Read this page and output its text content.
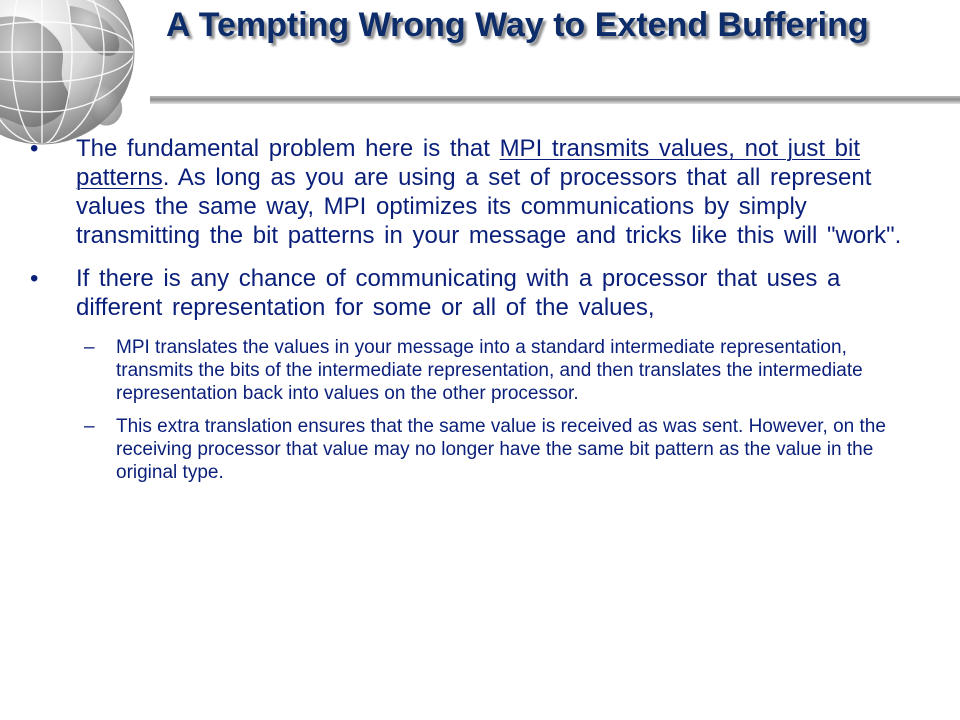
A Tempting Wrong Way to Extend Buffering

•	The fundamental problem here is that MPI transmits values, not just bit patterns. As long as you are using a set of processors that all represent values the same way, MPI optimizes its communications by simply transmitting the bit patterns in your message and tricks like this will "work".

•	If there is any chance of communicating with a processor that uses a different representation for some or all of the values,

– MPI translates the values in your message into a standard intermediate representation, transmits the bits of the intermediate representation, and then translates the intermediate representation back into values on the other processor.

– This extra translation ensures that the same value is received as was sent. However, on the receiving processor that value may no longer have the same bit pattern as the value in the original type.
